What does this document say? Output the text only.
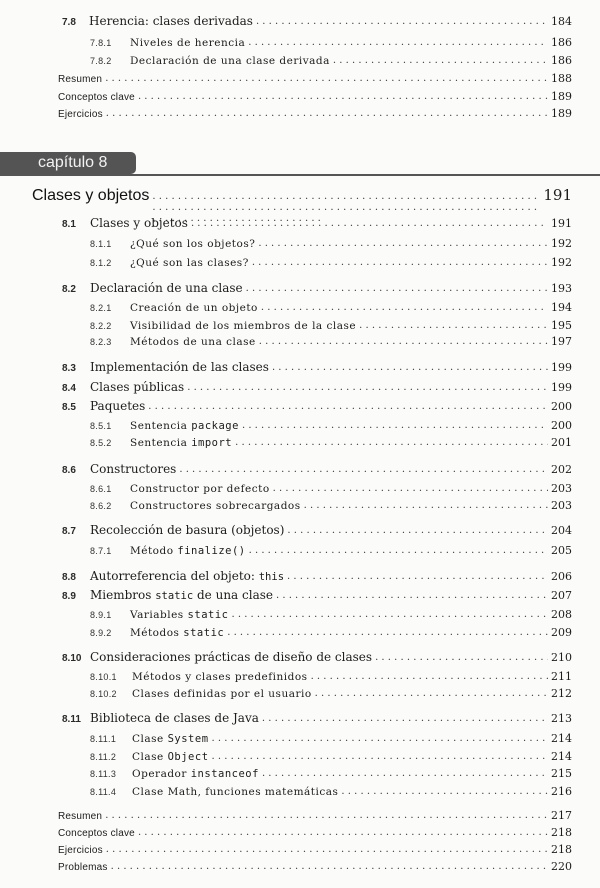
7.8	Herencia: clases derivadas . . .	184
7.8.1	Niveles de herencia . . .	186
7.8.2	Declaración de una clase derivada . . .	186
Resumen . . .	188
Conceptos clave . . .	189
Ejercicios . . .	189
capítulo 8
Clases y objetos . . .	191
8.1	Clases y objetos . . .	191
8.1.1	¿Qué son los objetos? . . .	192
8.1.2	¿Qué son las clases? . . .	192
8.2	Declaración de una clase . . .	193
8.2.1	Creación de un objeto . . .	194
8.2.2	Visibilidad de los miembros de la clase . . .	195
8.2.3	Métodos de una clase . . .	197
8.3	Implementación de las clases . . .	199
8.4	Clases públicas . . .	199
8.5	Paquetes . . .	200
8.5.1	Sentencia package . . .	200
8.5.2	Sentencia import . . .	201
8.6	Constructores . . .	202
8.6.1	Constructor por defecto . . .	203
8.6.2	Constructores sobrecargados . . .	203
8.7	Recolección de basura (objetos) . . .	204
8.7.1	Método finalize() . . .	205
8.8	Autorreferencia del objeto: this . . .	206
8.9	Miembros static de una clase . . .	207
8.9.1	Variables static . . .	208
8.9.2	Métodos static . . .	209
8.10 Consideraciones prácticas de diseño de clases . . .	210
8.10.1	Métodos y clases predefinidos . . .	211
8.10.2	Clases definidas por el usuario . . .	212
8.11 Biblioteca de clases de Java . . .	213
8.11.1	Clase System . . .	214
8.11.2	Clase Object . . .	214
8.11.3	Operador instanceof . . .	215
8.11.4	Clase Math, funciones matemáticas . . .	216
Resumen . . .	217
Conceptos clave . . .	218
Ejercicios . . .	218
Problemas . . .	220
